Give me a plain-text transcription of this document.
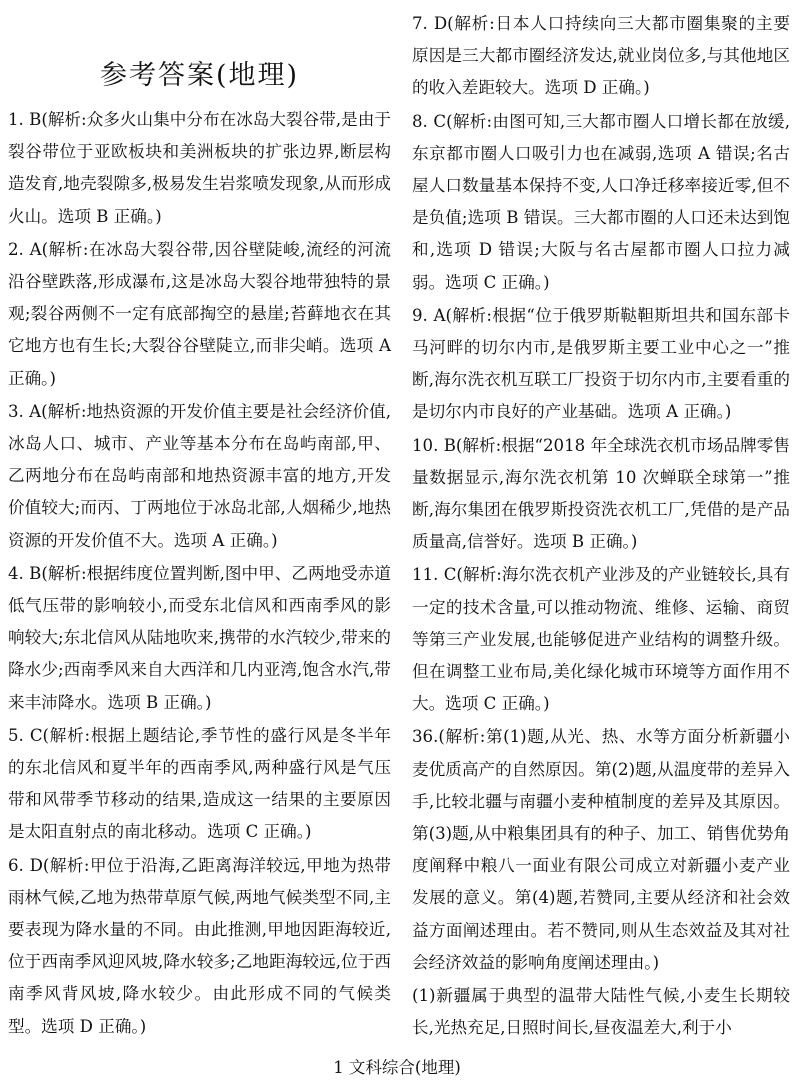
参考答案(地理)

1. B(解析:众多火山集中分布在冰岛大裂谷带,是由于裂谷带位于亚欧板块和美洲板块的扩张边界,断层构造发育,地壳裂隙多,极易发生岩浆喷发现象,从而形成火山。选项 B 正确。)

2. A(解析:在冰岛大裂谷带,因谷壁陡峻,流经的河流沿谷壁跌落,形成瀑布,这是冰岛大裂谷地带独特的景观;裂谷两侧不一定有底部掏空的悬崖;苔藓地衣在其它地方也有生长;大裂谷谷壁陡立,而非尖峭。选项 A 正确。)

3. A(解析:地热资源的开发价值主要是社会经济价值,冰岛人口、城市、产业等基本分布在岛屿南部,甲、乙两地分布在岛屿南部和地热资源丰富的地方,开发价值较大;而丙、丁两地位于冰岛北部,人烟稀少,地热资源的开发价值不大。选项 A 正确。)

4. B(解析:根据纬度位置判断,图中甲、乙两地受赤道低气压带的影响较小,而受东北信风和西南季风的影响较大;东北信风从陆地吹来,携带的水汽较少,带来的降水少;西南季风来自大西洋和几内亚湾,饱含水汽,带来丰沛降水。选项 B 正确。)

5. C(解析:根据上题结论,季节性的盛行风是冬半年的东北信风和夏半年的西南季风,两种盛行风是气压带和风带季节移动的结果,造成这一结果的主要原因是太阳直射点的南北移动。选项 C 正确。)

6. D(解析:甲位于沿海,乙距离海洋较远,甲地为热带雨林气候,乙地为热带草原气候,两地气候类型不同,主要表现为降水量的不同。由此推测,甲地因距海较近,位于西南季风迎风坡,降水较多;乙地距海较远,位于西南季风背风坡,降水较少。由此形成不同的气候类型。选项 D 正确。)

7. D(解析:日本人口持续向三大都市圈集聚的主要原因是三大都市圈经济发达,就业岗位多,与其他地区的收入差距较大。选项 D 正确。)

8. C(解析:由图可知,三大都市圈人口增长都在放缓,东京都市圈人口吸引力也在减弱,选项 A 错误;名古屋人口数量基本保持不变,人口净迁移率接近零,但不是负值;选项 B 错误。三大都市圈的人口还未达到饱和,选项 D 错误;大阪与名古屋都市圈人口拉力减弱。选项 C 正确。)

9. A(解析:根据“位于俄罗斯鞑靼斯坦共和国东部卡马河畔的切尔内市,是俄罗斯主要工业中心之一”推断,海尔洗衣机互联工厂投资于切尔内市,主要看重的是切尔内市良好的产业基础。选项 A 正确。)

10. B(解析:根据“2018 年全球洗衣机市场品牌零售量数据显示,海尔洗衣机第 10 次蝉联全球第一”推断,海尔集团在俄罗斯投资洗衣机工厂,凭借的是产品质量高,信誉好。选项 B 正确。)

11. C(解析:海尔洗衣机产业涉及的产业链较长,具有一定的技术含量,可以推动物流、维修、运输、商贸等第三产业发展,也能够促进产业结构的调整升级。但在调整工业布局,美化绿化城市环境等方面作用不大。选项 C 正确。)

36.(解析:第(1)题,从光、热、水等方面分析新疆小麦优质高产的自然原因。第(2)题,从温度带的差异入手,比较北疆与南疆小麦种植制度的差异及其原因。第(3)题,从中粮集团具有的种子、加工、销售优势角度阐释中粮八一面业有限公司成立对新疆小麦产业发展的意义。第(4)题,若赞同,主要从经济和社会效益方面阐述理由。若不赞同,则从生态效益及其对社会经济效益的影响角度阐述理由。)

(1)新疆属于典型的温带大陆性气候,小麦生长期较长,光热充足,日照时间长,昼夜温差大,利于小

1 文科综合(地理)
